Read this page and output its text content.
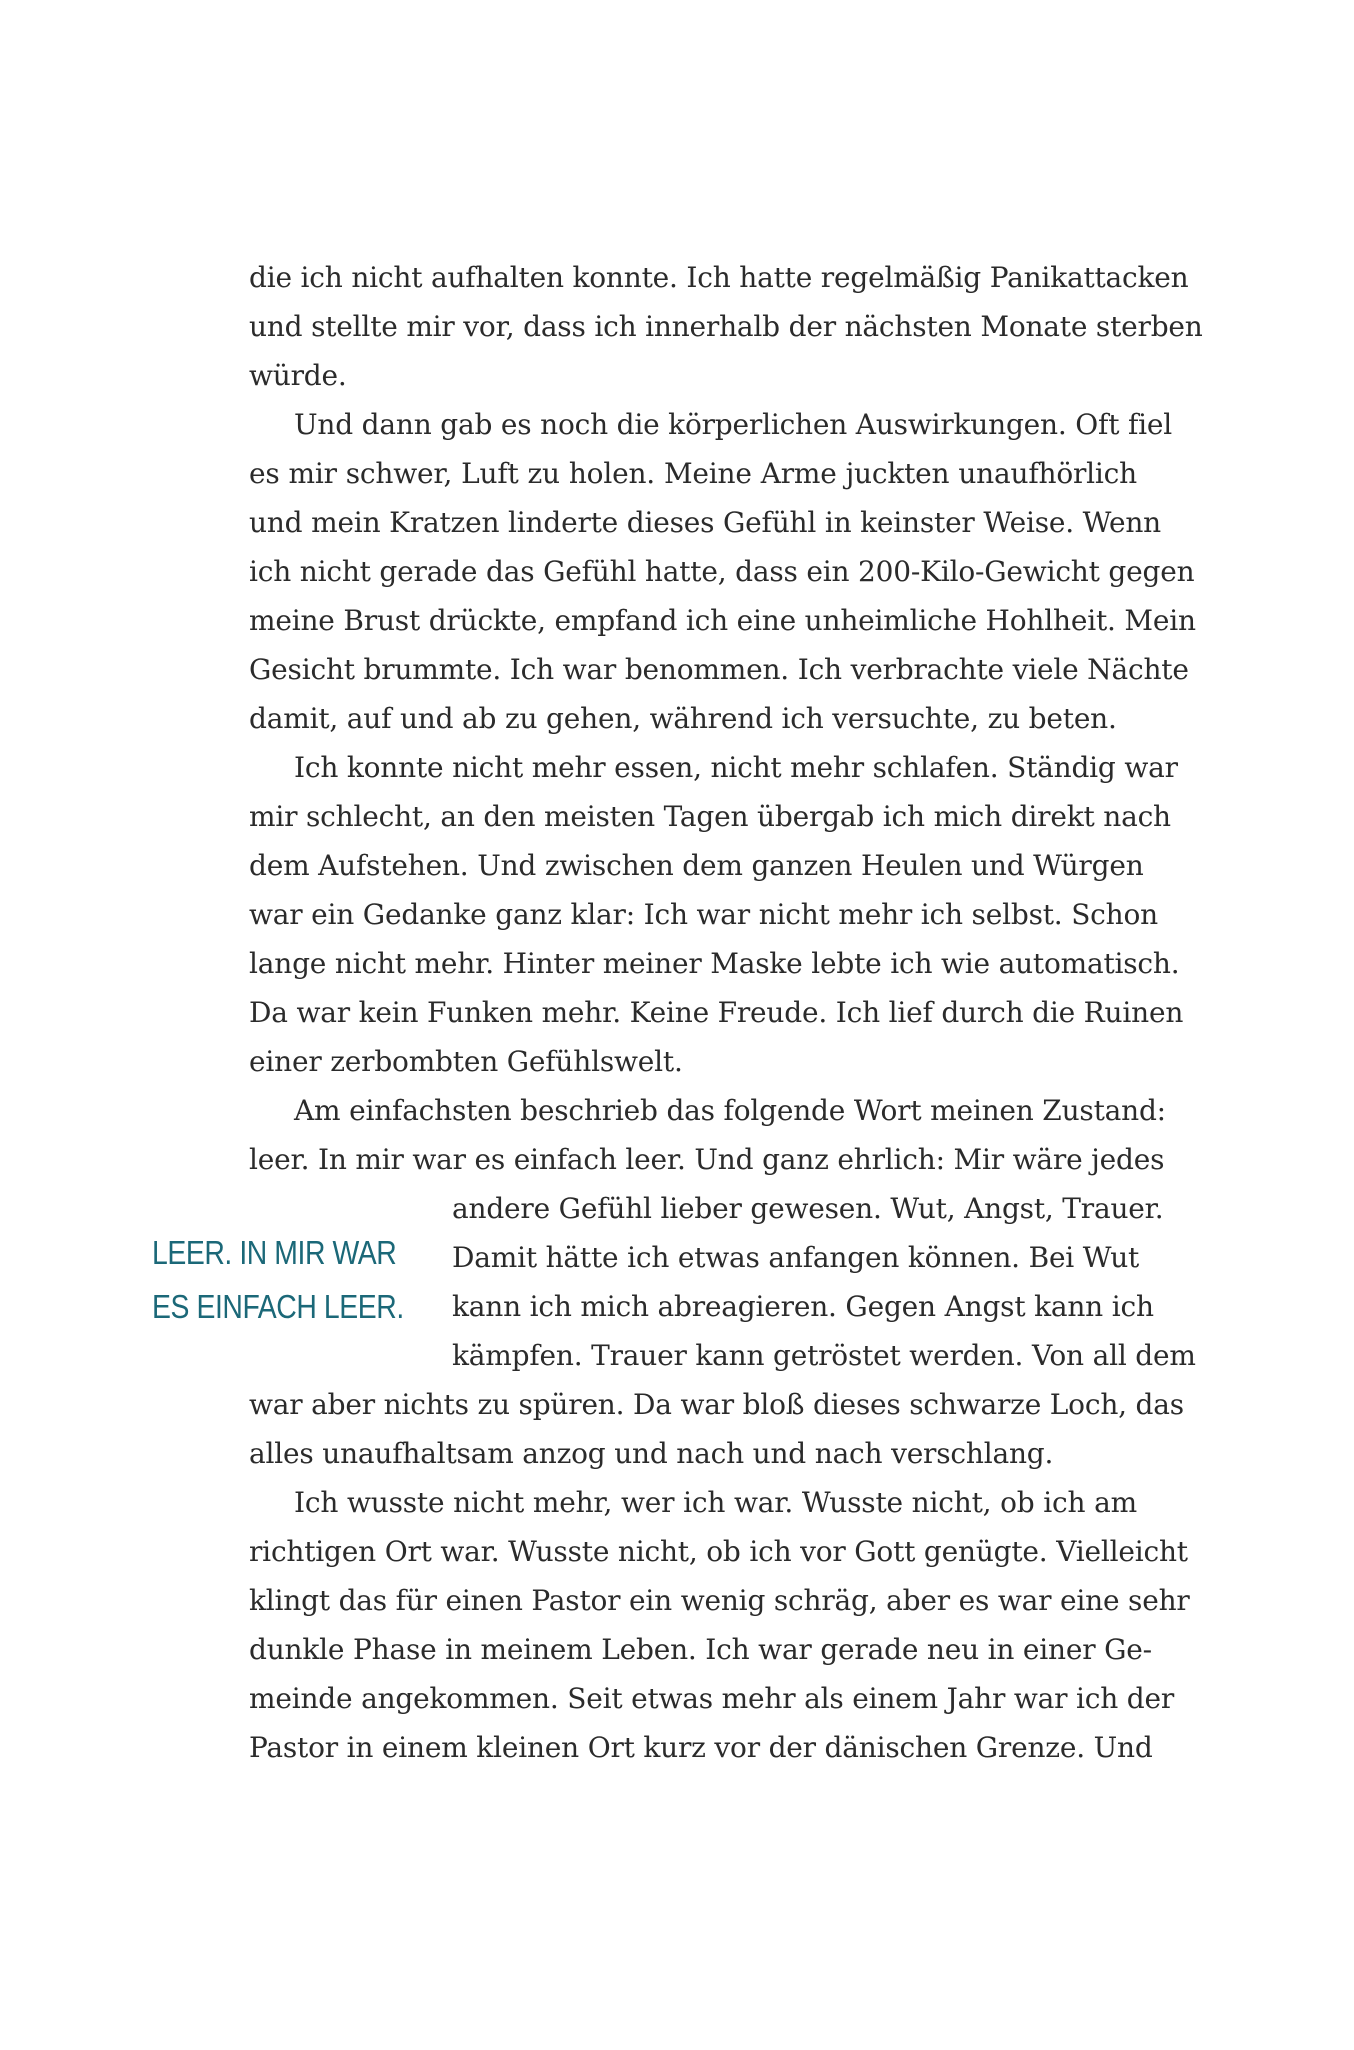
die ich nicht aufhalten konnte. Ich hatte regelmäßig Panikattacken
und stellte mir vor, dass ich innerhalb der nächsten Monate sterben
würde.
Und dann gab es noch die körperlichen Auswirkungen. Oft fiel
es mir schwer, Luft zu holen. Meine Arme juckten unaufhörlich
und mein Kratzen linderte dieses Gefühl in keinster Weise. Wenn
ich nicht gerade das Gefühl hatte, dass ein 200-Kilo-Gewicht gegen
meine Brust drückte, empfand ich eine unheimliche Hohlheit. Mein
Gesicht brummte. Ich war benommen. Ich verbrachte viele Nächte
damit, auf und ab zu gehen, während ich versuchte, zu beten.
Ich konnte nicht mehr essen, nicht mehr schlafen. Ständig war
mir schlecht, an den meisten Tagen übergab ich mich direkt nach
dem Aufstehen. Und zwischen dem ganzen Heulen und Würgen
war ein Gedanke ganz klar: Ich war nicht mehr ich selbst. Schon
lange nicht mehr. Hinter meiner Maske lebte ich wie automatisch.
Da war kein Funken mehr. Keine Freude. Ich lief durch die Ruinen
einer zerbombten Gefühlswelt.
Am einfachsten beschrieb das folgende Wort meinen Zustand:
leer. In mir war es einfach leer. Und ganz ehrlich: Mir wäre jedes
andere Gefühl lieber gewesen. Wut, Angst, Trauer.
Damit hätte ich etwas anfangen können. Bei Wut
kann ich mich abreagieren. Gegen Angst kann ich
kämpfen. Trauer kann getröstet werden. Von all dem
war aber nichts zu spüren. Da war bloß dieses schwarze Loch, das
alles unaufhaltsam anzog und nach und nach verschlang.
Ich wusste nicht mehr, wer ich war. Wusste nicht, ob ich am
richtigen Ort war. Wusste nicht, ob ich vor Gott genügte. Vielleicht
klingt das für einen Pastor ein wenig schräg, aber es war eine sehr
dunkle Phase in meinem Leben. Ich war gerade neu in einer Ge-
meinde angekommen. Seit etwas mehr als einem Jahr war ich der
Pastor in einem kleinen Ort kurz vor der dänischen Grenze. Und
LEER. IN MIR WAR
ES EINFACH LEER.
